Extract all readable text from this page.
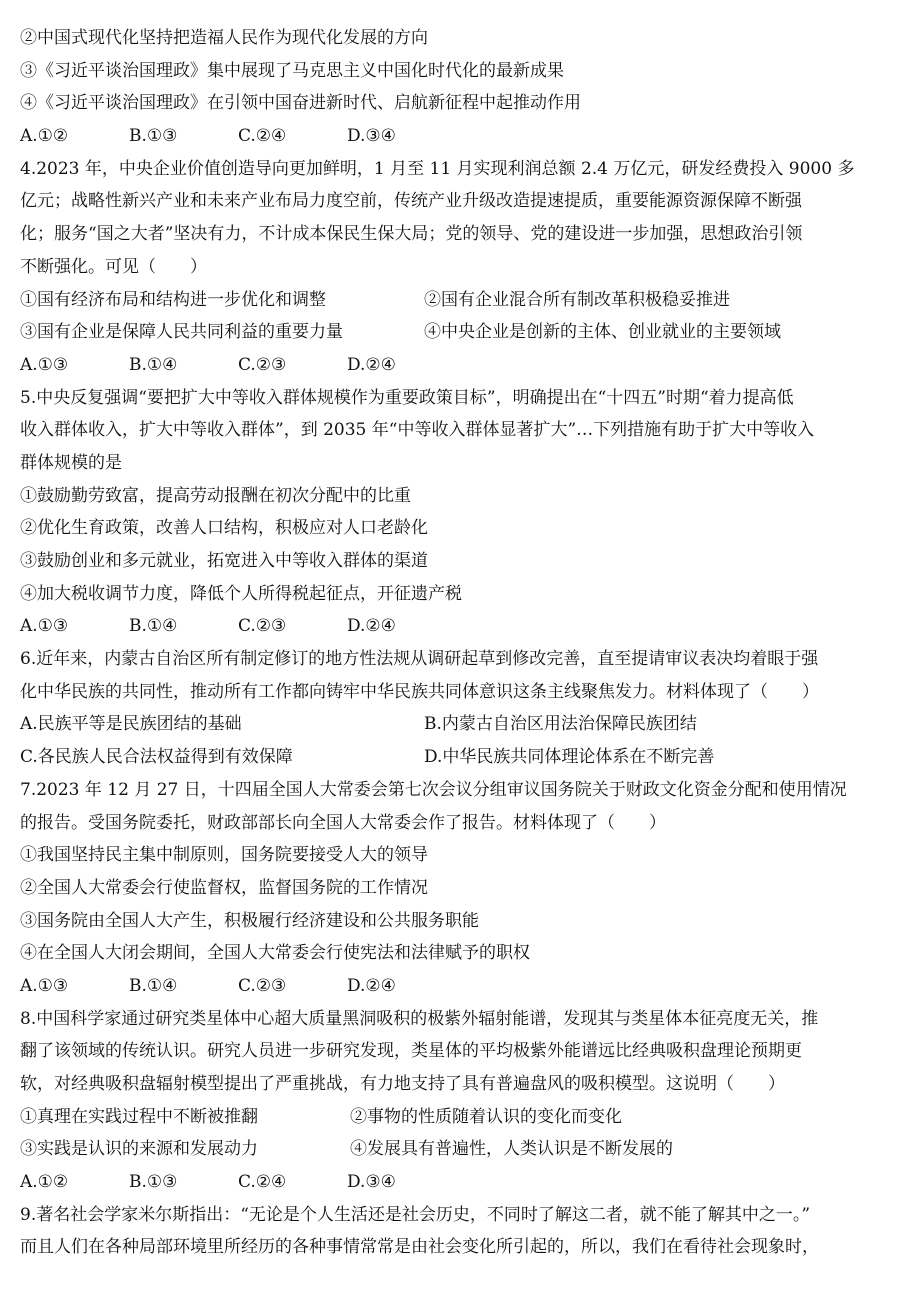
②中国式现代化坚持把造福人民作为现代化发展的方向
③《习近平谈治国理政》集中展现了马克思主义中国化时代化的最新成果
④《习近平谈治国理政》在引领中国奋进新时代、启航新征程中起推动作用
A.①②	B.①③	C.②④	D.③④
4.2023 年，中央企业价值创造导向更加鲜明，1 月至 11 月实现利润总额 2.4 万亿元，研发经费投入 9000 多
亿元；战略性新兴产业和未来产业布局力度空前，传统产业升级改造提速提质，重要能源资源保障不断强
化；服务“国之大者”坚决有力，不计成本保民生保大局；党的领导、党的建设进一步加强，思想政治引领
不断强化。可见（　　）
①国有经济布局和结构进一步优化和调整	②国有企业混合所有制改革积极稳妥推进
③国有企业是保障人民共同利益的重要力量	④中央企业是创新的主体、创业就业的主要领域
A.①③	B.①④	C.②③	D.②④
5.中央反复强调“要把扩大中等收入群体规模作为重要政策目标”，明确提出在“十四五”时期“着力提高低
收入群体收入，扩大中等收入群体”，到 2035 年“中等收入群体显著扩大”…下列措施有助于扩大中等收入
群体规模的是
①鼓励勤劳致富，提高劳动报酬在初次分配中的比重
②优化生育政策，改善人口结构，积极应对人口老龄化
③鼓励创业和多元就业，拓宽进入中等收入群体的渠道
④加大税收调节力度，降低个人所得税起征点，开征遗产税
A.①③	B.①④	C.②③	D.②④
6.近年来，内蒙古自治区所有制定修订的地方性法规从调研起草到修改完善，直至提请审议表决均着眼于强
化中华民族的共同性，推动所有工作都向铸牢中华民族共同体意识这条主线聚焦发力。材料体现了（　　）
A.民族平等是民族团结的基础	B.内蒙古自治区用法治保障民族团结
C.各民族人民合法权益得到有效保障	D.中华民族共同体理论体系在不断完善
7.2023 年 12 月 27 日，十四届全国人大常委会第七次会议分组审议国务院关于财政文化资金分配和使用情况
的报告。受国务院委托，财政部部长向全国人大常委会作了报告。材料体现了（　　）
①我国坚持民主集中制原则，国务院要接受人大的领导
②全国人大常委会行使监督权，监督国务院的工作情况
③国务院由全国人大产生，积极履行经济建设和公共服务职能
④在全国人大闭会期间，全国人大常委会行使宪法和法律赋予的职权
A.①③	B.①④	C.②③	D.②④
8.中国科学家通过研究类星体中心超大质量黑洞吸积的极紫外辐射能谱，发现其与类星体本征亮度无关，推
翻了该领域的传统认识。研究人员进一步研究发现，类星体的平均极紫外能谱远比经典吸积盘理论预期更
软，对经典吸积盘辐射模型提出了严重挑战，有力地支持了具有普遍盘风的吸积模型。这说明（　　）
①真理在实践过程中不断被推翻	②事物的性质随着认识的变化而变化
③实践是认识的来源和发展动力	④发展具有普遍性，人类认识是不断发展的
A.①②	B.①③	C.②④	D.③④
9.著名社会学家米尔斯指出：“无论是个人生活还是社会历史，不同时了解这二者，就不能了解其中之一。”
而且人们在各种局部环境里所经历的各种事情常常是由社会变化所引起的，所以，我们在看待社会现象时，
